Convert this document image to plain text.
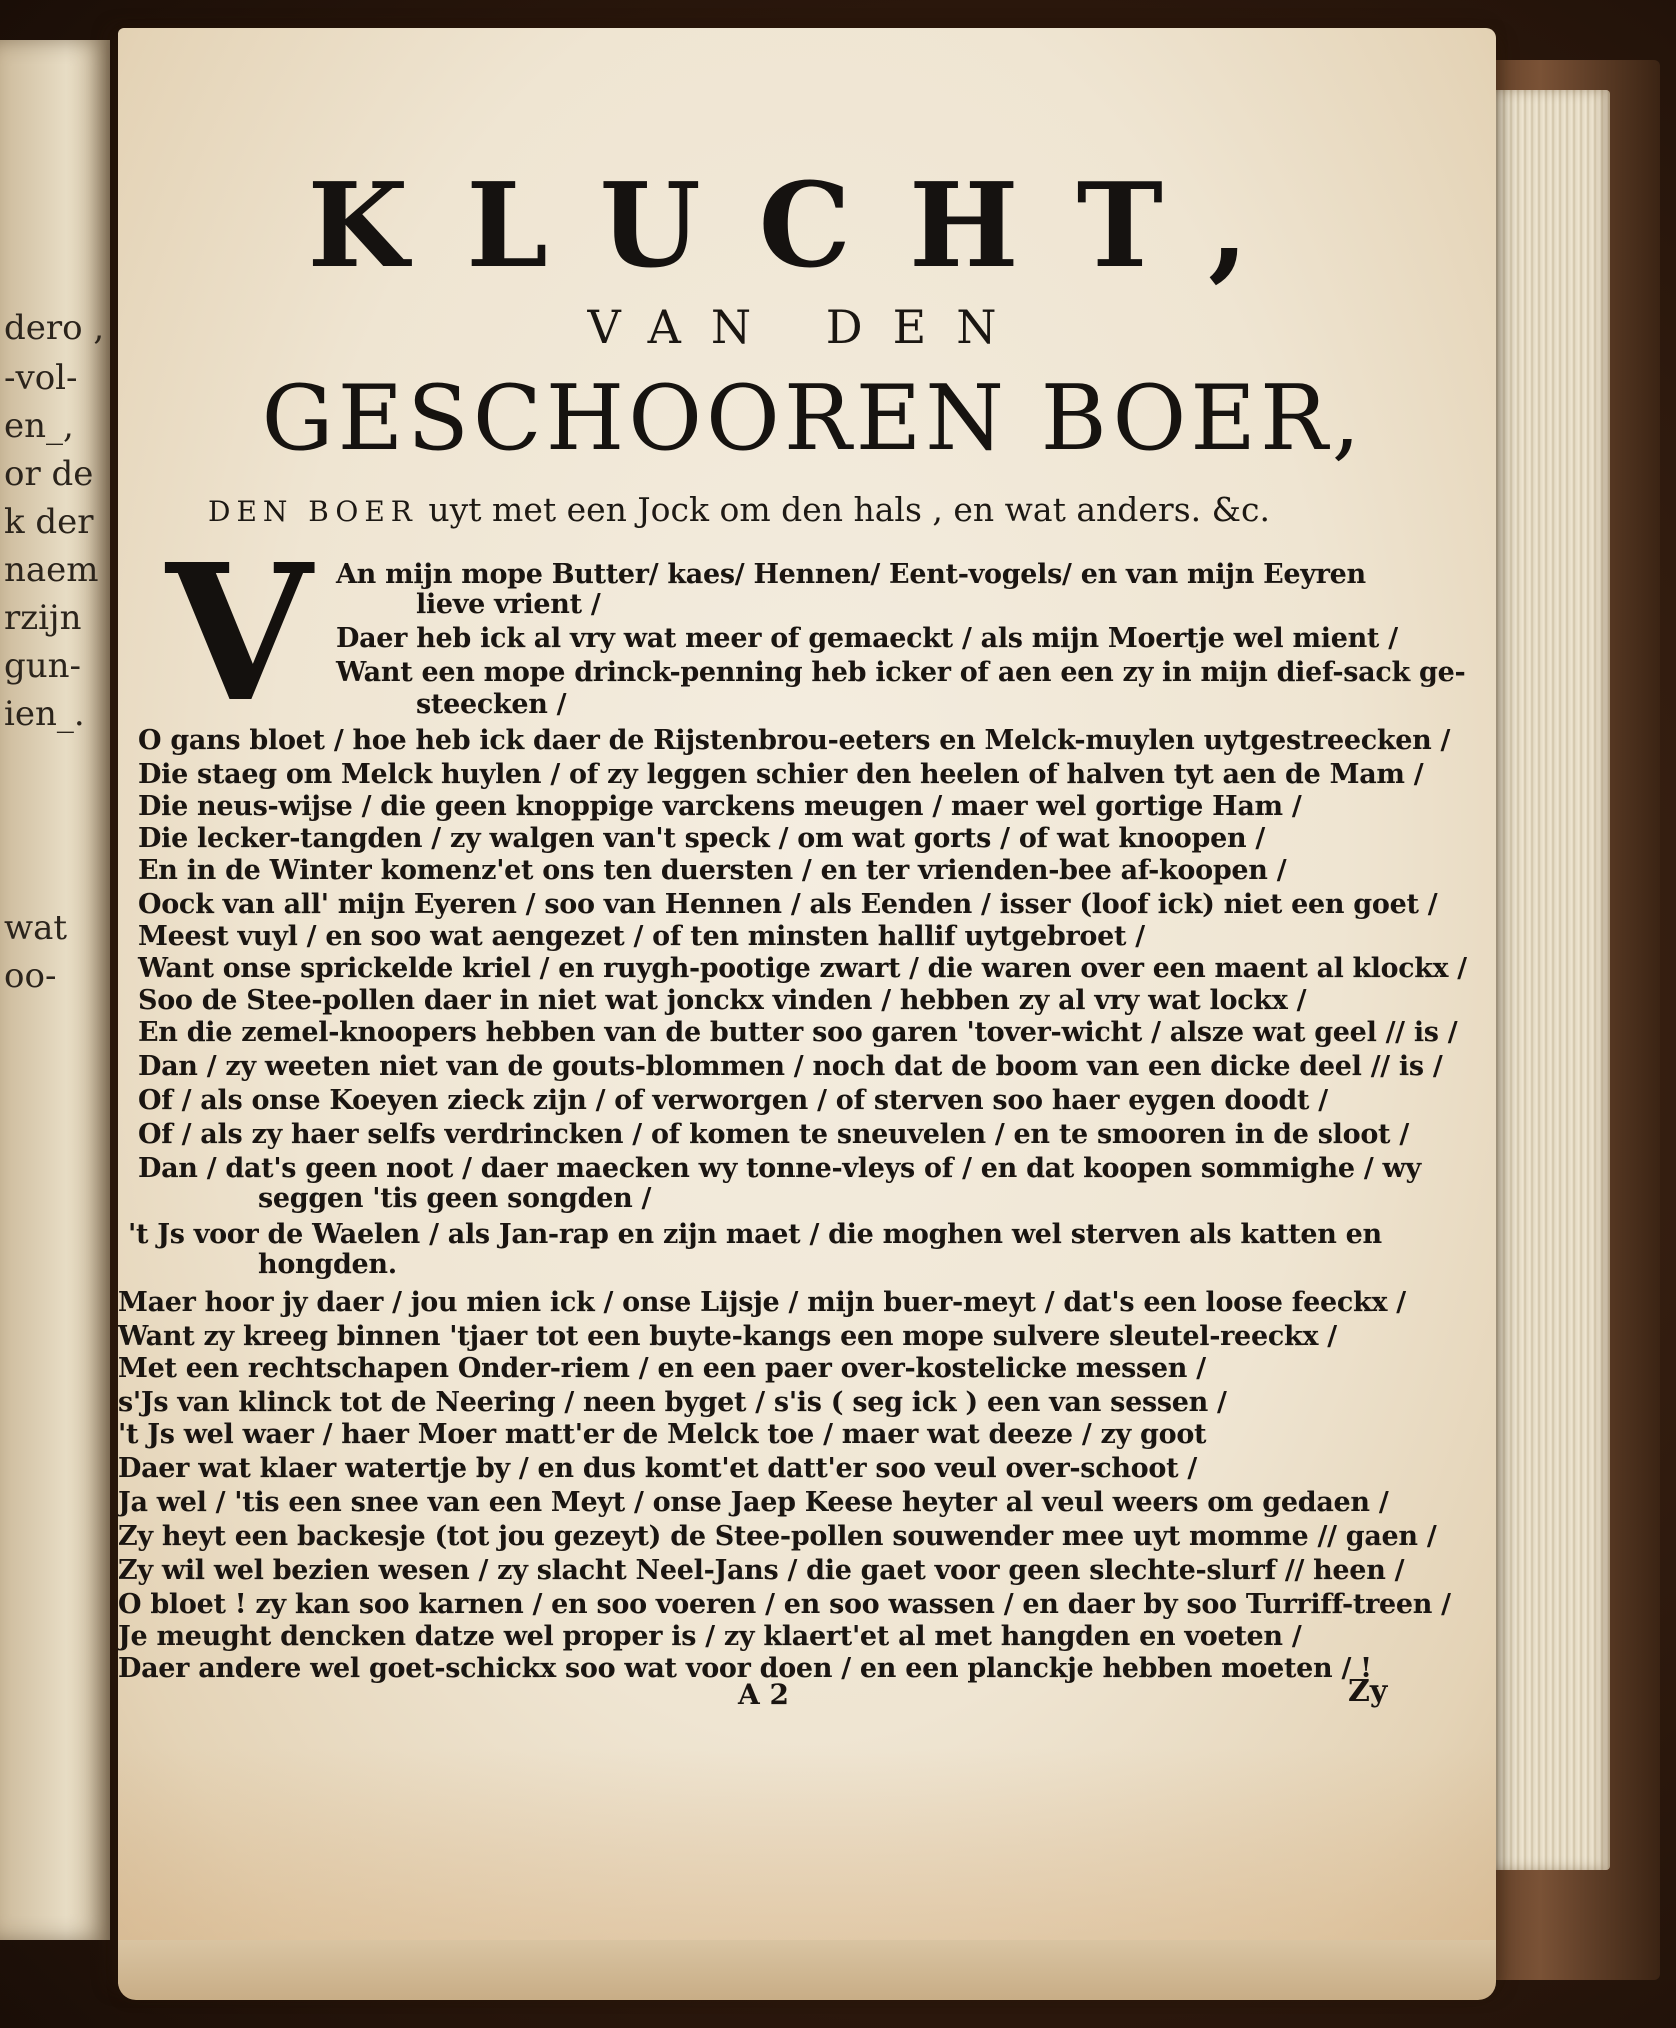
dero ,
-vol-
en_,
or de
k der
naem
rzijn
gun-
ien_.
wat
oo-
KLUCHT,
VAN DEN
GESCHOOREN BOER,
DEN BOER uyt met een Jock om den hals , en wat anders. &c.
V An mijn mope Butter/ kaes/ Hennen/ Eent-vogels/ en van mijn Eeyren
lieve vrient /
Daer heb ick al vry wat meer of gemaeckt / als mijn Moertje wel mient /
Want een mope drinck-penning heb icker of aen een zy in mijn dief-sack ge-
steecken /
O gans bloet / hoe heb ick daer de Rijstenbrou-eeters en Melck-muylen uytgestreecken /
Die staeg om Melck huylen / of zy leggen schier den heelen of halven tyt aen de Mam /
Die neus-wijse / die geen knoppige varckens meugen / maer wel gortige Ham /
Die lecker-tangden / zy walgen van't speck / om wat gorts / of wat knoopen /
En in de Winter komenz'et ons ten duersten / en ter vrienden-bee af-koopen /
Oock van all' mijn Eyeren / soo van Hennen / als Eenden / isser (loof ick) niet een goet /
Meest vuyl / en soo wat aengezet / of ten minsten hallif uytgebroet /
Want onse sprickelde kriel / en ruygh-pootige zwart / die waren over een maent al klockx /
Soo de Stee-pollen daer in niet wat jonckx vinden / hebben zy al vry wat lockx /
En die zemel-knoopers hebben van de butter soo garen 'tover-wicht / alsze wat geel // is /
Dan / zy weeten niet van de gouts-blommen / noch dat de boom van een dicke deel // is /
Of / als onse Koeyen zieck zijn / of verworgen / of sterven soo haer eygen doodt /
Of / als zy haer selfs verdrincken / of komen te sneuvelen / en te smooren in de sloot /
Dan / dat's geen noot / daer maecken wy tonne-vleys of / en dat koopen sommighe / wy
seggen 'tis geen songden /
't Js voor de Waelen / als Jan-rap en zijn maet / die moghen wel sterven als katten en
hongden.
Maer hoor jy daer / jou mien ick / onse Lijsje / mijn buer-meyt / dat's een loose feeckx /
Want zy kreeg binnen 'tjaer tot een buyte-kangs een mope sulvere sleutel-reeckx /
Met een rechtschapen Onder-riem / en een paer over-kostelicke messen /
s'Js van klinck tot de Neering / neen byget / s'is ( seg ick ) een van sessen /
't Js wel waer / haer Moer matt'er de Melck toe / maer wat deeze / zy goot
Daer wat klaer watertje by / en dus komt'et datt'er soo veul over-schoot /
Ja wel / 'tis een snee van een Meyt / onse Jaep Keese heyter al veul weers om gedaen /
Zy heyt een backesje (tot jou gezeyt) de Stee-pollen souwender mee uyt momme // gaen /
Zy wil wel bezien wesen / zy slacht Neel-Jans / die gaet voor geen slechte-slurf // heen /
O bloet ! zy kan soo karnen / en soo voeren / en soo wassen / en daer by soo Turriff-treen /
Je meught dencken datze wel proper is / zy klaert'et al met hangden en voeten /
Daer andere wel goet-schickx soo wat voor doen / en een planckje hebben moeten / !
A 2	Zy
